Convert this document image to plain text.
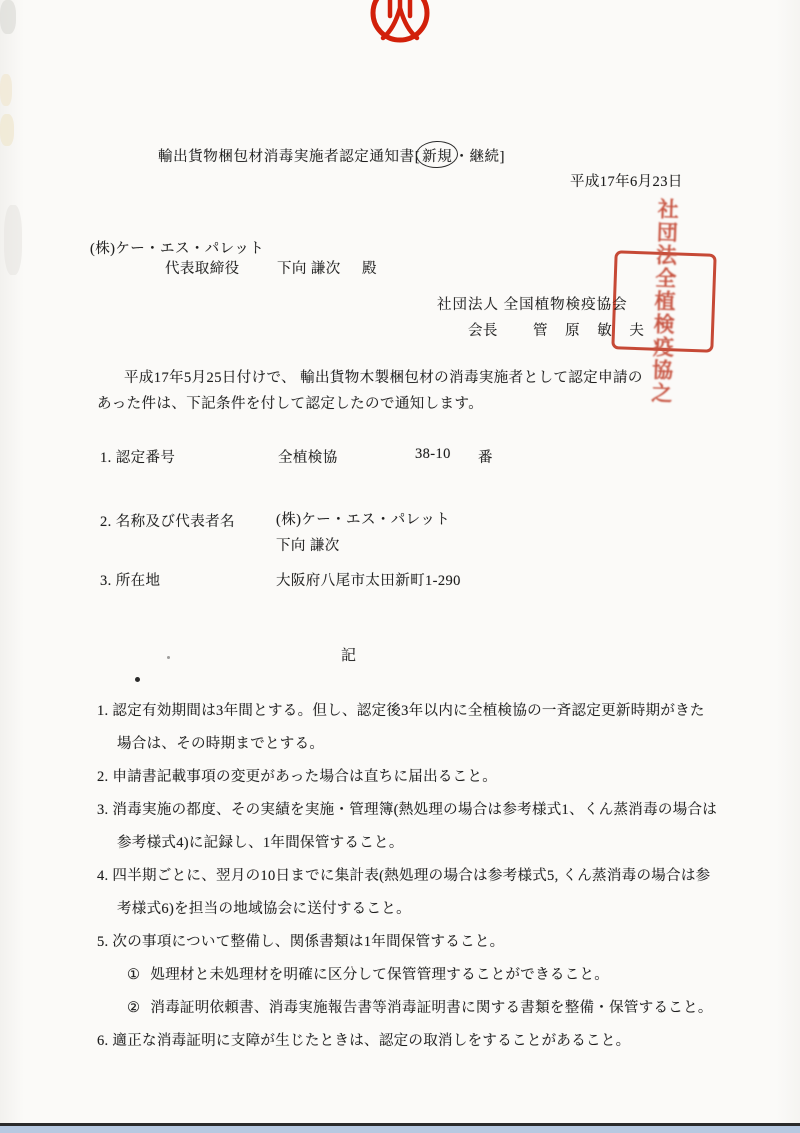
輸出貨物梱包材消毒実施者認定通知書[ 新規 ・継続]
平成17年6月23日
(株)ケー・エス・パレット
代表取締役	下向 謙次 殿
社団法人 全国植物検疫協会
会長 管 原 敏 夫
社団法全植検疫協之
平成17年5月25日付けで、 輸出貨物木製梱包材の消毒実施者として認定申請の
あった件は、下記条件を付して認定したので通知します。
1. 認定番号	全植検協	38-10 番
2. 名称及び代表者名	(株)ケー・エス・パレット
下向 謙次
3. 所在地	大阪府八尾市太田新町1-290
記
1. 認定有効期間は3年間とする。但し、認定後3年以内に全植検協の一斉認定更新時期がきた場合は、その時期までとする。
2. 申請書記載事項の変更があった場合は直ちに届出ること。
3. 消毒実施の都度、その実績を実施・管理簿(熱処理の場合は参考様式1、くん蒸消毒の場合は参考様式4)に記録し、1年間保管すること。
4. 四半期ごとに、翌月の10日までに集計表(熱処理の場合は参考様式5, くん蒸消毒の場合は参考様式6)を担当の地域協会に送付すること。
5. 次の事項について整備し、関係書類は1年間保管すること。
① 処理材と未処理材を明確に区分して保管管理することができること。
② 消毒証明依頼書、消毒実施報告書等消毒証明書に関する書類を整備・保管すること。
6. 適正な消毒証明に支障が生じたときは、認定の取消しをすることがあること。
